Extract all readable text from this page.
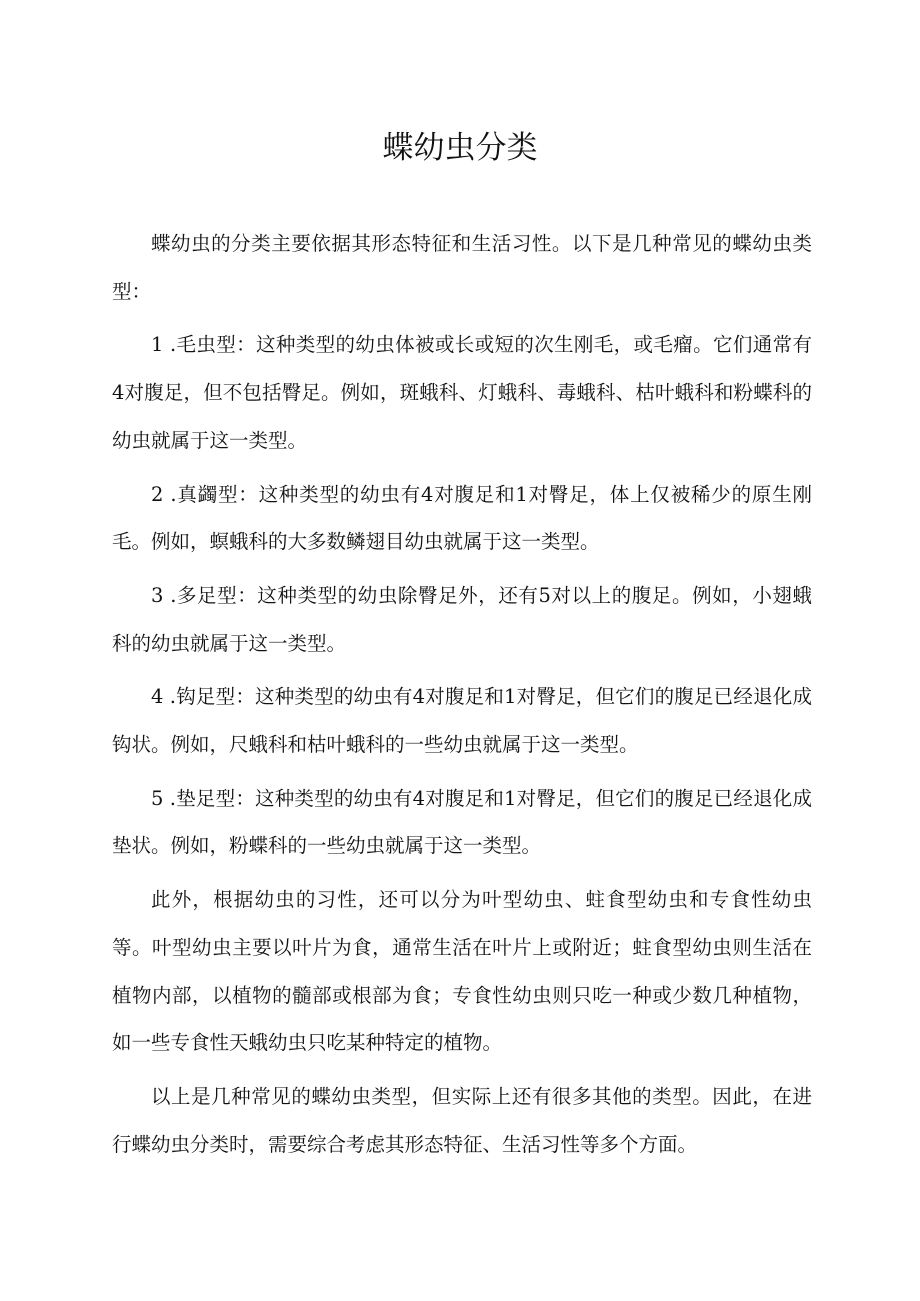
蝶幼虫分类

蝶幼虫的分类主要依据其形态特征和生活习性。以下是几种常见的蝶幼虫类型：

1 .毛虫型：这种类型的幼虫体被或长或短的次生刚毛，或毛瘤。它们通常有4对腹足，但不包括臀足。例如，斑蛾科、灯蛾科、毒蛾科、枯叶蛾科和粉蝶科的幼虫就属于这一类型。

2 .真蠲型：这种类型的幼虫有4对腹足和1对臀足，体上仅被稀少的原生刚毛。例如，螟蛾科的大多数鳞翅目幼虫就属于这一类型。

3 .多足型：这种类型的幼虫除臀足外，还有5对以上的腹足。例如，小翅蛾科的幼虫就属于这一类型。

4 .钩足型：这种类型的幼虫有4对腹足和1对臀足，但它们的腹足已经退化成钩状。例如，尺蛾科和枯叶蛾科的一些幼虫就属于这一类型。

5 .垫足型：这种类型的幼虫有4对腹足和1对臀足，但它们的腹足已经退化成垫状。例如，粉蝶科的一些幼虫就属于这一类型。

此外，根据幼虫的习性，还可以分为叶型幼虫、蛀食型幼虫和专食性幼虫等。叶型幼虫主要以叶片为食，通常生活在叶片上或附近；蛀食型幼虫则生活在植物内部，以植物的髓部或根部为食；专食性幼虫则只吃一种或少数几种植物，如一些专食性天蛾幼虫只吃某种特定的植物。

以上是几种常见的蝶幼虫类型，但实际上还有很多其他的类型。因此，在进行蝶幼虫分类时，需要综合考虑其形态特征、生活习性等多个方面。
